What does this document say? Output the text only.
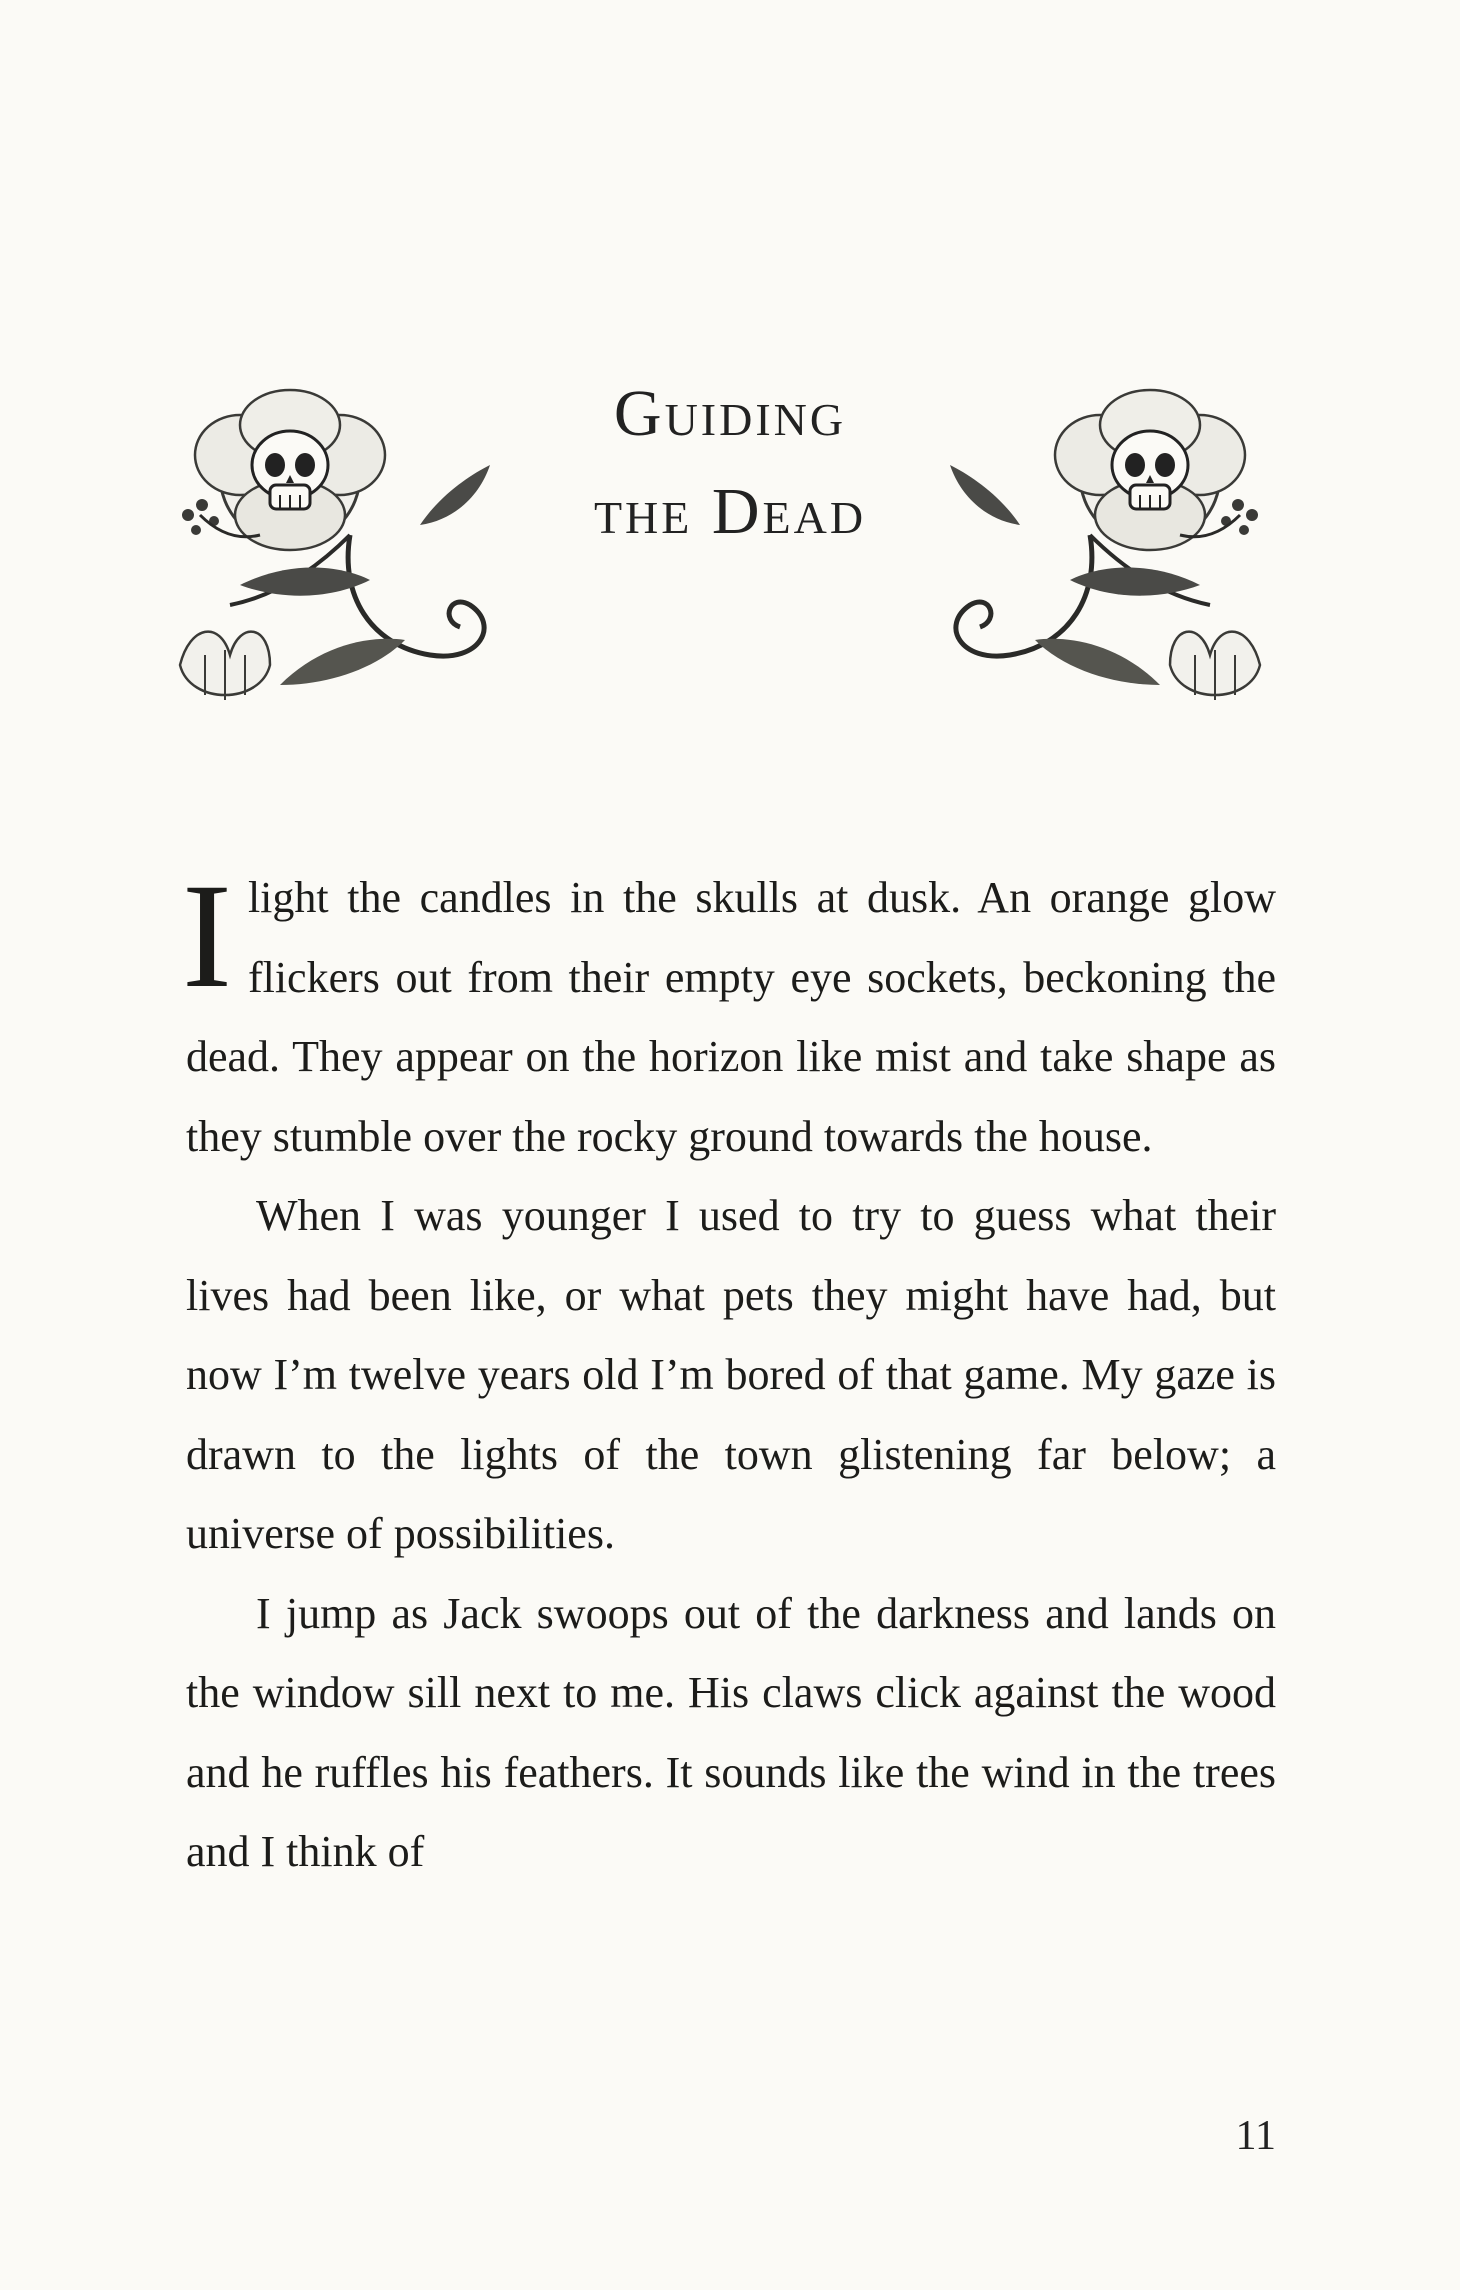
Guiding
the Dead

Ilight the candles in the skulls at dusk. An orange glow flickers out from their empty eye sockets, beckoning the dead. They appear on the horizon like mist and take shape as they stumble over the rocky ground towards the house.

When I was younger I used to try to guess what their lives had been like, or what pets they might have had, but now I’m twelve years old I’m bored of that game. My gaze is drawn to the lights of the town glistening far below; a universe of possibilities.

I jump as Jack swoops out of the darkness and lands on the window sill next to me. His claws click against the wood and he ruffles his feathers. It sounds like the wind in the trees and I think of

11
